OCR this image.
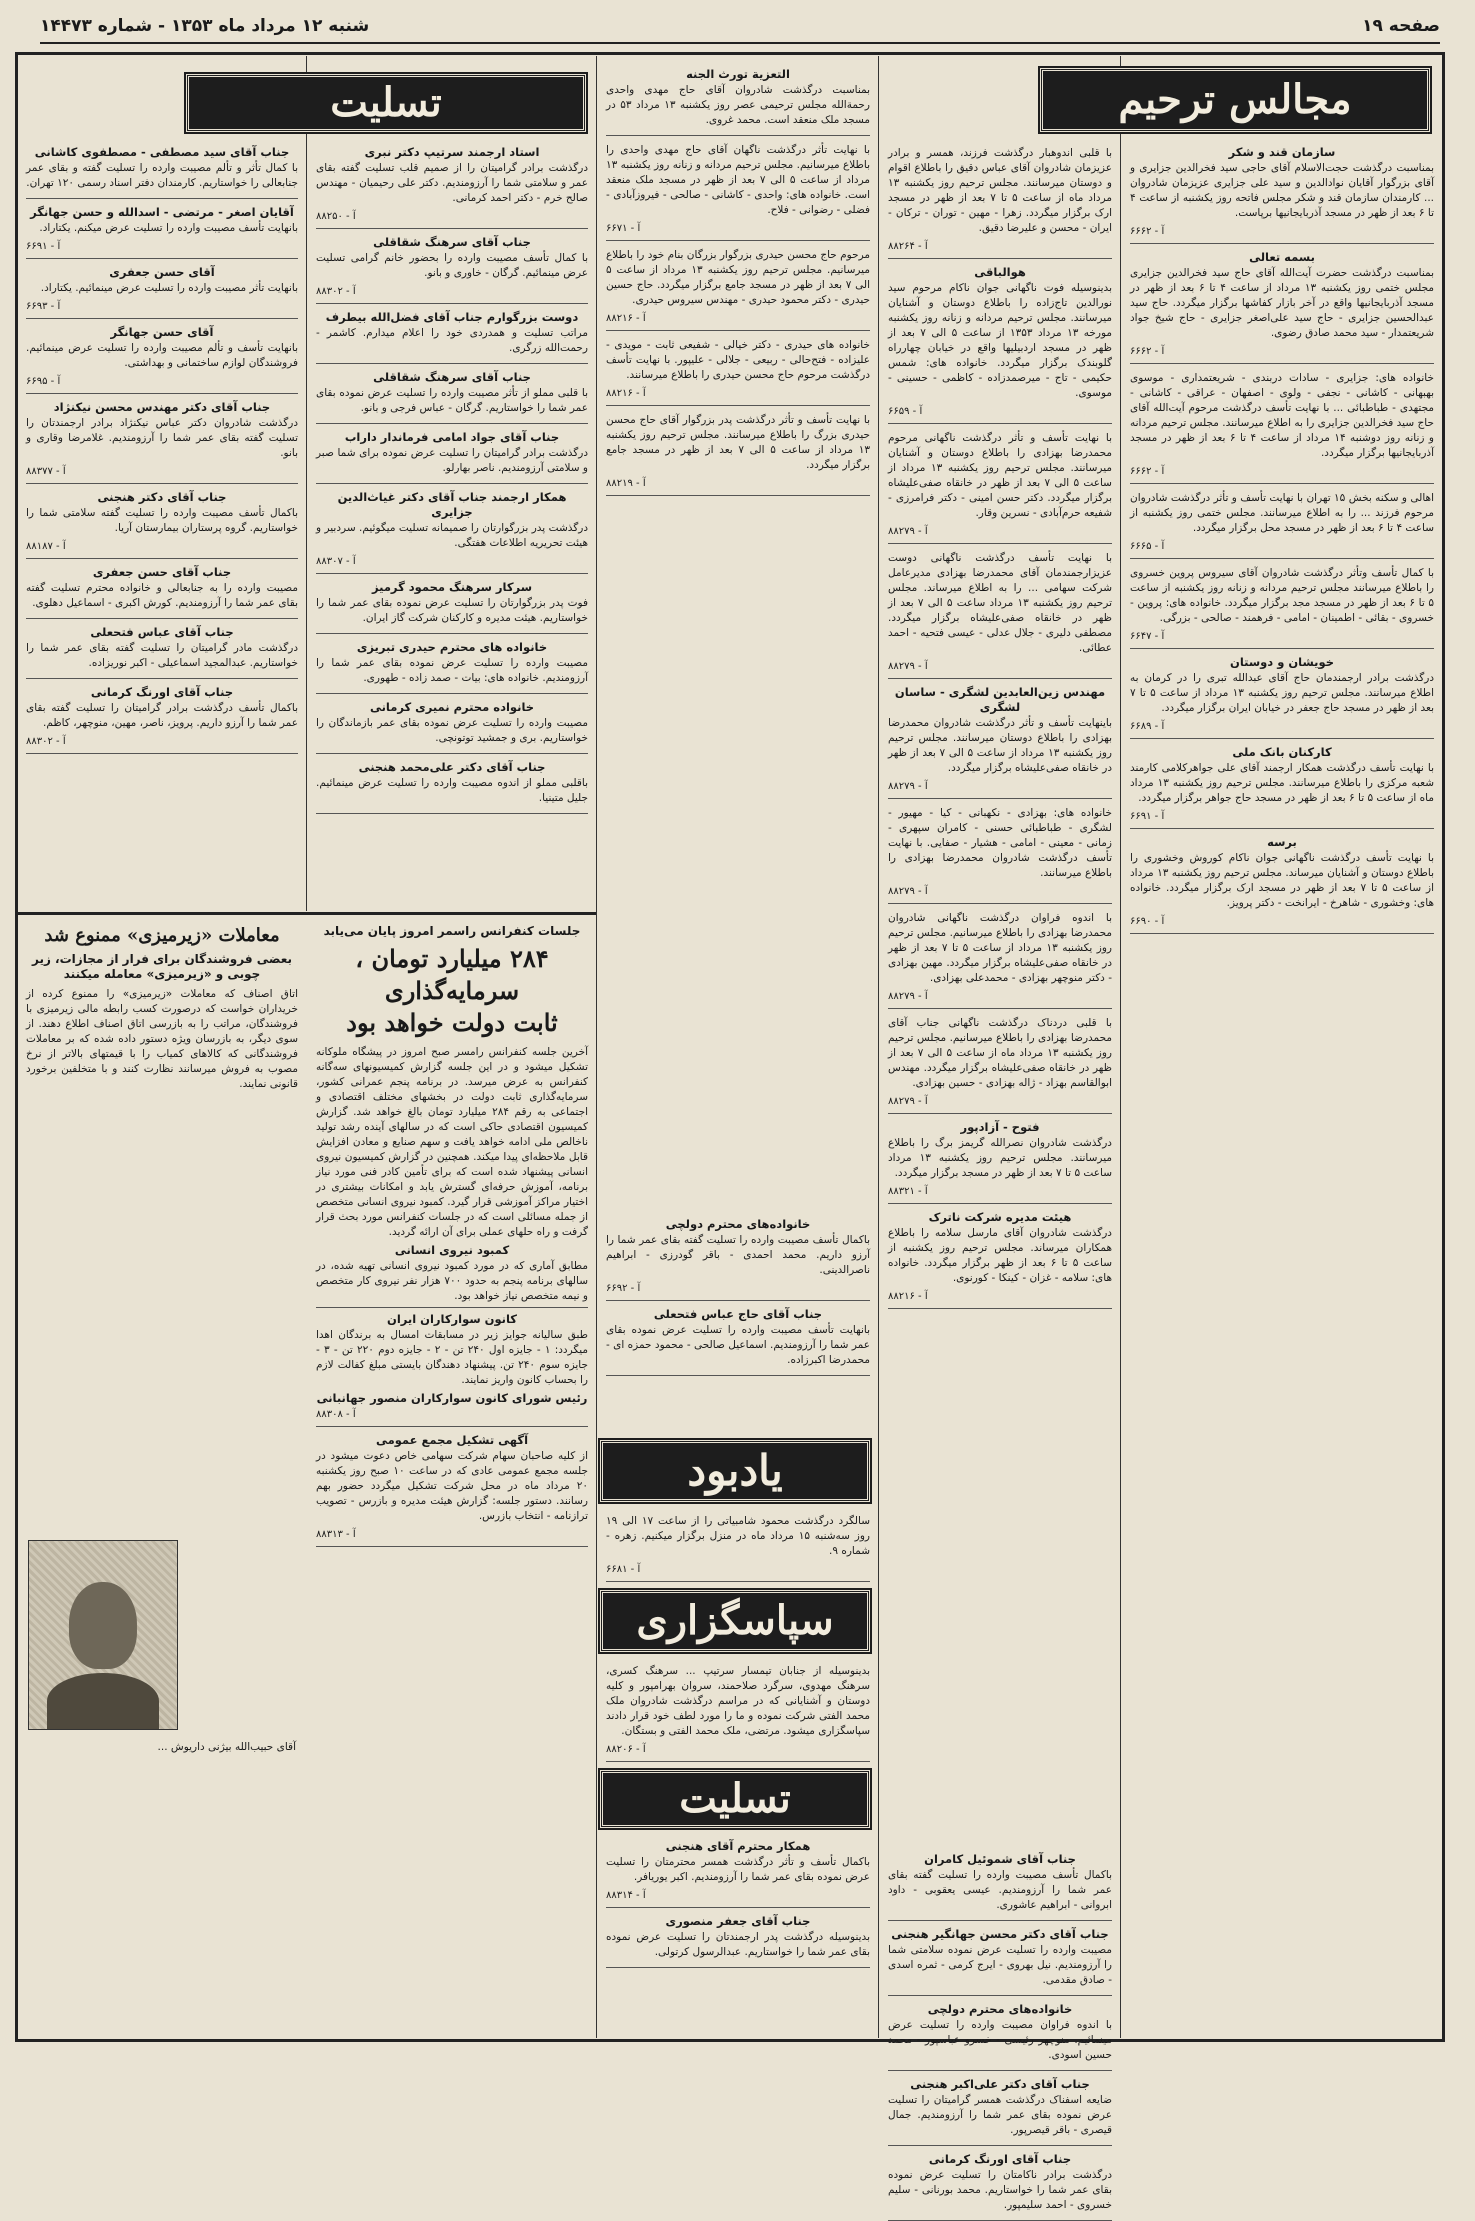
صفحه ۱۹
شنبه ۱۲ مرداد ماه ۱۳۵۳ - شماره ۱۴۴۷۳
مجالس ترحیم
تسلیت
یادبود
سپاسگزاری
تسلیت
سازمان قند و شکر

بمناسبت درگذشت حجت‌الاسلام آقای حاجی سید فخرالدین جزایری و آقای بزرگوار آقایان نوادالدین و سید علی جزایری عزیزمان شادروان ... کارمندان سازمان قند و شکر مجلس فاتحه روز یکشنبه از ساعت ۴ تا ۶ بعد از ظهر در مسجد آذربایجانیها برپاست.

آ - ۶۶۶۲
بسمه تعالی

بمناسبت درگذشت حضرت آیت‌الله آقای حاج سید فخرالدین جزایری مجلس ختمی روز یکشنبه ۱۳ مرداد از ساعت ۴ تا ۶ بعد از ظهر در مسجد آذربایجانیها واقع در آخر بازار کفاشها برگزار میگردد. حاج سید عبدالحسین جزایری - حاج سید علی‌اصغر جزایری - حاج شیخ جواد شریعتمدار - سید محمد صادق رضوی.

آ - ۶۶۶۲

خانواده های: جزایری - سادات دربندی - شریعتمداری - موسوی بهبهانی - کاشانی - نجفی - ولوی - اصفهان - عراقی - کاشانی - مجتهدی - طباطبائی ... با نهایت تأسف درگذشت مرحوم آیت‌الله آقای حاج سید فخرالدین جزایری را به اطلاع میرسانند. مجلس ترحیم مردانه و زنانه روز دوشنبه ۱۴ مرداد از ساعت ۴ تا ۶ بعد از ظهر در مسجد آذربایجانیها برگزار میگردد.

آ - ۶۶۶۲

اهالی و سکنه بخش ۱۵ تهران با نهایت تأسف و تأثر درگذشت شادروان مرحوم فرزند ... را به اطلاع میرسانند. مجلس ختمی روز یکشنبه از ساعت ۴ تا ۶ بعد از ظهر در مسجد محل برگزار میگردد.

آ - ۶۶۶۵

با کمال تأسف وتأثر درگذشت شادروان آقای سیروس پروین خسروی را باطلاع میرسانند مجلس ترحیم مردانه و زنانه روز یکشنبه از ساعت ۵ تا ۶ بعد از ظهر در مسجد مجد برگزار میگردد. خانواده های: پروین - خسروی - بقائی - اطمینان - امامی - فرهمند - صالحی - بزرگی.

آ - ۶۶۴۷
خویشان و دوستان

درگذشت برادر ارجمندمان حاج آقای عبدالله تبری را در کرمان به اطلاع میرسانند. مجلس ترحیم روز یکشنبه ۱۳ مرداد از ساعت ۵ تا ۷ بعد از ظهر در مسجد حاج جعفر در خیابان ایران برگزار میگردد.

آ - ۶۶۸۹
کارکنان بانک ملی

با نهایت تأسف درگذشت همکار ارجمند آقای علی جواهرکلامی کارمند شعبه مرکزی را باطلاع میرسانند. مجلس ترحیم روز یکشنبه ۱۳ مرداد ماه از ساعت ۵ تا ۶ بعد از ظهر در مسجد حاج جواهر برگزار میگردد.

آ - ۶۶۹۱
برسه

با نهایت تأسف درگذشت ناگهانی جوان ناکام کوروش وخشوری را باطلاع دوستان و آشنایان میرساند. مجلس ترحیم روز یکشنبه ۱۳ مرداد از ساعت ۵ تا ۷ بعد از ظهر در مسجد ارک برگزار میگردد. خانواده های: وخشوری - شاهرخ - ایرانخت - دکتر پرویز.

آ - ۶۶۹۰

با قلبی اندوهبار درگذشت فرزند، همسر و برادر عزیزمان شادروان آقای عباس دقیق را باطلاع اقوام و دوستان میرسانند. مجلس ترحیم روز یکشنبه ۱۳ مرداد ماه از ساعت ۵ تا ۷ بعد از ظهر در مسجد ارک برگزار میگردد. زهرا - مهین - توران - ترکان - ایران - محسن و علیرضا دقیق.

آ - ۸۸۲۶۴
هوالباقی

بدینوسیله فوت ناگهانی جوان ناکام مرحوم سید نورالدین تاج‌زاده را باطلاع دوستان و آشنایان میرسانند. مجلس ترحیم مردانه و زنانه روز یکشنبه مورخه ۱۳ مرداد ۱۳۵۳ از ساعت ۵ الی ۷ بعد از ظهر در مسجد اردبیلیها واقع در خیابان چهارراه گلوبندک برگزار میگردد. خانواده های: شمس حکیمی - تاج - میرصمدزاده - کاظمی - حسینی - موسوی.

آ - ۶۶۵۹

با نهایت تأسف و تأثر درگذشت ناگهانی مرحوم محمدرضا بهزادی را باطلاع دوستان و آشنایان میرسانند. مجلس ترحیم روز یکشنبه ۱۳ مرداد از ساعت ۵ الی ۷ بعد از ظهر در خانقاه صفی‌علیشاه برگزار میگردد. دکتر حسن امینی - دکتر فرامرزی - شفیعه حرم‌آبادی - نسرین وقار.

آ - ۸۸۲۷۹

با نهایت تأسف درگذشت ناگهانی دوست عزیزارجمندمان آقای محمدرضا بهزادی مدیرعامل شرکت سهامی ... را به اطلاع میرساند. مجلس ترحیم روز یکشنبه ۱۳ مرداد ساعت ۵ الی ۷ بعد از ظهر در خانقاه صفی‌علیشاه برگزار میگردد. مصطفی دلیری - جلال عدلی - عیسی فتحیه - احمد عطائی.

آ - ۸۸۲۷۹
مهندس زین‌العابدین لشگری - ساسان لشگری

باینهایت تأسف و تأثر درگذشت شادروان محمدرضا بهزادی را باطلاع دوستان میرسانند. مجلس ترحیم روز یکشنبه ۱۳ مرداد از ساعت ۵ الی ۷ بعد از ظهر در خانقاه صفی‌علیشاه برگزار میگردد.

آ - ۸۸۲۷۹

خانواده های: بهزادی - نکهبانی - کیا - مهیور - لشگری - طباطبائی حسنی - کامران سپهری - زمانی - معینی - امامی - هشیار - صفایی. با نهایت تأسف درگذشت شادروان محمدرضا بهزادی را باطلاع میرسانند.

آ - ۸۸۲۷۹

با اندوه فراوان درگذشت ناگهانی شادروان محمدرضا بهزادی را باطلاع میرسانیم. مجلس ترحیم روز یکشنبه ۱۳ مرداد از ساعت ۵ تا ۷ بعد از ظهر در خانقاه صفی‌علیشاه برگزار میگردد. مهین بهزادی - دکتر منوچهر بهزادی - محمدعلی بهزادی.

آ - ۸۸۲۷۹

با قلبی دردناک درگذشت ناگهانی جناب آقای محمدرضا بهزادی را باطلاع میرسانیم. مجلس ترحیم روز یکشنبه ۱۳ مرداد ماه از ساعت ۵ الی ۷ بعد از ظهر در خانقاه صفی‌علیشاه برگزار میگردد. مهندس ابوالقاسم بهزاد - ژاله بهزادی - حسین بهزادی.

آ - ۸۸۲۷۹
فتوح - آزادپور

درگذشت شادروان نصرالله گریمز برگ را باطلاع میرسانند. مجلس ترحیم روز یکشنبه ۱۳ مرداد ساعت ۵ تا ۷ بعد از ظهر در مسجد برگزار میگردد.

آ - ۸۸۳۲۱
هیئت مدیره شرکت ناترک

درگذشت شادروان آقای مارسل سلامه را باطلاع همکاران میرساند. مجلس ترحیم روز یکشنبه از ساعت ۵ تا ۶ بعد از ظهر برگزار میگردد. خانواده های: سلامه - غزان - کینکا - کورنوی.

آ - ۸۸۲۱۶
التعزیة تورث الجنه

بمناسبت درگذشت شادروان آقای حاج مهدی واحدی رحمة‌الله مجلس ترحیمی عصر روز یکشنبه ۱۳ مرداد ۵۳ در مسجد ملک منعقد است. محمد غروی.

با نهایت تأثر درگذشت ناگهان آقای حاج مهدی واحدی را باطلاع میرسانیم. مجلس ترحیم مردانه و زنانه روز یکشنبه ۱۳ مرداد از ساعت ۵ الی ۷ بعد از ظهر در مسجد ملک منعقد است. خانواده های: واحدی - کاشانی - صالحی - فیروزآبادی - فضلی - رضوانی - فلاح.

آ - ۶۶۷۱

مرحوم حاج محسن حیدری بزرگوار بزرگان بنام خود را باطلاع میرسانیم. مجلس ترحیم روز یکشنبه ۱۳ مرداد از ساعت ۵ الی ۷ بعد از ظهر در مسجد جامع برگزار میگردد. حاج حسین حیدری - دکتر محمود حیدری - مهندس سیروس حیدری.

آ - ۸۸۲۱۶

خانواده های حیدری - دکتر خیالی - شفیعی ثابت - مویدی - علیزاده - فتح‌حالی - ربیعی - جلالی - علیپور. با نهایت تأسف درگذشت مرحوم حاج محسن حیدری را باطلاع میرسانند.

آ - ۸۸۲۱۶

با نهایت تأسف و تأثر درگذشت پدر بزرگوار آقای حاج محسن حیدری بزرگ را باطلاع میرسانند. مجلس ترحیم روز یکشنبه ۱۳ مرداد از ساعت ۵ الی ۷ بعد از ظهر در مسجد جامع برگزار میگردد.

آ - ۸۸۲۱۹
استاد ارجمند سرتیپ دکتر نبری

درگذشت برادر گرامیتان را از صمیم قلب تسلیت گفته بقای عمر و سلامتی شما را آرزومندیم. دکتر علی رحیمیان - مهندس صالح خرم - دکتر احمد کرمانی.

آ - ۸۸۲۵۰
جناب آقای سرهنگ شقاقلی

با کمال تأسف مصیبت وارده را بحضور خانم گرامی تسلیت عرض مینمائیم. گرگان - خاوری و بانو.

آ - ۸۸۳۰۲
دوست بزرگوارم جناب آقای فضل‌الله بیطرف

مراتب تسلیت و همدردی خود را اعلام میدارم. کاشمر - رحمت‌الله زرگری.

جناب آقای سرهنگ شقاقلی

با قلبی مملو از تأثر مصیبت وارده را تسلیت عرض نموده بقای عمر شما را خواستاریم. گرگان - عباس فرجی و بانو.

جناب آقای جواد امامی فرماندار داراب

درگذشت برادر گرامیتان را تسلیت عرض نموده برای شما صبر و سلامتی آرزومندیم. ناصر بهارلو.

همکار ارجمند جناب آقای دکتر غیاث‌الدین جزایری

درگذشت پدر بزرگوارتان را صمیمانه تسلیت میگوئیم. سردبیر و هیئت تحریریه اطلاعات هفتگی.

آ - ۸۸۳۰۷
سرکار سرهنگ محمود گرمیز

فوت پدر بزرگوارتان را تسلیت عرض نموده بقای عمر شما را خواستاریم. هیئت مدیره و کارکنان شرکت گاز ایران.

خانواده های محترم حیدری تبریزی

مصیبت وارده را تسلیت عرض نموده بقای عمر شما را آرزومندیم. خانواده های: بیات - صمد زاده - طهوری.

خانواده محترم نمیری کرمانی

مصیبت وارده را تسلیت عرض نموده بقای عمر بازماندگان را خواستاریم. بری و جمشید توتونچی.

جناب آقای دکتر علی‌محمد هنجنی

باقلبی مملو از اندوه مصیبت وارده را تسلیت عرض مینمائیم. جلیل متینیا.

جناب آقای سید مصطفی - مصطفوی کاشانی

با کمال تأثر و تألم مصیبت وارده را تسلیت گفته و بقای عمر جنابعالی را خواستاریم. کارمندان دفتر اسناد رسمی ۱۲۰ تهران.

آقایان اصغر - مرتضی - اسدالله و حسن جهانگر

بانهایت تأسف مصیبت وارده را تسلیت عرض میکنم. یکتاراد.

آ - ۶۶۹۱
آقای حسن جعفری

بانهایت تأثر مصیبت وارده را تسلیت عرض مینمائیم. یکتاراد.

آ - ۶۶۹۳
آقای حسن جهانگر

بانهایت تأسف و تألم مصیبت وارده را تسلیت عرض مینمائیم. فروشندگان لوازم ساختمانی و بهداشتی.

آ - ۶۶۹۵
جناب آقای دکتر مهندس محسن نیکنژاد

درگذشت شادروان دکتر عباس نیکنژاد برادر ارجمندتان را تسلیت گفته بقای عمر شما را آرزومندیم. غلامرضا وقاری و بانو.

آ - ۸۸۳۷۷
جناب آقای دکتر هنجنی

باکمال تأسف مصیبت وارده را تسلیت گفته سلامتی شما را خواستاریم. گروه پرستاران بیمارستان آریا.

آ - ۸۸۱۸۷
جناب آقای حسن جعفری

مصیبت وارده را به جنابعالی و خانواده محترم تسلیت گفته بقای عمر شما را آرزومندیم. کورش اکبری - اسماعیل دهلوی.

جناب آقای عباس فتحعلی

درگذشت مادر گرامیتان را تسلیت گفته بقای عمر شما را خواستاریم. عبدالمجید اسماعیلی - اکبر نوریزاده.

جناب آقای اورنگ کرمانی

باکمال تأسف درگذشت برادر گرامیتان را تسلیت گفته بقای عمر شما را آرزو داریم. پرویز، ناصر، مهین، منوچهر، کاظم.

آ - ۸۸۳۰۲

سالگرد درگذشت محمود شامبیاتی را از ساعت ۱۷ الی ۱۹ روز سه‌شنبه ۱۵ مرداد ماه در منزل برگزار میکنیم. زهره - شماره ۹.

آ - ۶۶۸۱

بدینوسیله از جنابان تیمسار سرتیپ ... سرهنگ کسری، سرهنگ مهدوی، سرگرد صلاحمند، سروان بهرامپور و کلیه دوستان و آشنایانی که در مراسم درگذشت شادروان ملک محمد الفتی شرکت نموده و ما را مورد لطف خود قرار دادند سپاسگزاری میشود. مرتضی، ملک محمد الفتی و بستگان.

آ - ۸۸۲۰۶
همکار محترم آقای هنجنی

باکمال تأسف و تأثر درگذشت همسر محترمتان را تسلیت عرض نموده بقای عمر شما را آرزومندیم. اکبر یوریافر.

آ - ۸۸۳۱۴
جناب آقای جعفر منصوری

بدینوسیله درگذشت پدر ارجمندتان را تسلیت عرض نموده بقای عمر شما را خواستاریم. عبدالرسول کرتولی.

جلسات کنفرانس راسمر امروز پایان می‌یابد
۲۸۴ میلیارد تومان ، سرمایه‌گذاری
ثابت دولت خواهد بود

آخرین جلسه کنفرانس رامسر صبح امروز در پیشگاه ملوکانه تشکیل میشود و در این جلسه گزارش کمیسیونهای سه‌گانه کنفرانس به عرض میرسد. در برنامه پنجم عمرانی کشور، سرمایه‌گذاری ثابت دولت در بخشهای مختلف اقتصادی و اجتماعی به رقم ۲۸۴ میلیارد تومان بالغ خواهد شد. گزارش کمیسیون اقتصادی حاکی است که در سالهای آینده رشد تولید ناخالص ملی ادامه خواهد یافت و سهم صنایع و معادن افزایش قابل ملاحظه‌ای پیدا میکند. همچنین در گزارش کمیسیون نیروی انسانی پیشنهاد شده است که برای تأمین کادر فنی مورد نیاز برنامه، آموزش حرفه‌ای گسترش یابد و امکانات بیشتری در اختیار مراکز آموزشی قرار گیرد. کمبود نیروی انسانی متخصص از جمله مسائلی است که در جلسات کنفرانس مورد بحث قرار گرفت و راه حلهای عملی برای آن ارائه گردید.

کمبود نیروی انسانی

مطابق آماری که در مورد کمبود نیروی انسانی تهیه شده، در سالهای برنامه پنجم به حدود ۷۰۰ هزار نفر نیروی کار متخصص و نیمه متخصص نیاز خواهد بود.

کانون سوارکاران ایران

طبق سالیانه جوایز زیر در مسابقات امسال به برندگان اهدا میگردد: ۱ - جایزه اول ۲۴۰ تن - ۲ - جایزه دوم ۲۲۰ تن - ۳ - جایزه سوم ۲۴۰ تن. پیشنهاد دهندگان بایستی مبلغ کفالت لازم را بحساب کانون واریز نمایند.

رئیس شورای کانون سوارکاران منصور جهانبانی
آ - ۸۸۳۰۸
آگهی تشکیل مجمع عمومی

از کلیه صاحبان سهام شرکت سهامی خاص دعوت میشود در جلسه مجمع عمومی عادی که در ساعت ۱۰ صبح روز یکشنبه ۲۰ مرداد ماه در محل شرکت تشکیل میگردد حضور بهم رسانند. دستور جلسه: گزارش هیئت مدیره و بازرس - تصویب ترازنامه - انتخاب بازرس.

آ - ۸۸۳۱۳
معاملات «زیرمیزی» ممنوع شد
بعضی فروشندگان برای فرار از مجازات، زیر چوبی و «زیرمیزی» معامله میکنند

اتاق اصناف که معاملات «زیرمیزی» را ممنوع کرده از خریداران خواست که درصورت کسب رابطه مالی زیرمیزی با فروشندگان، مراتب را به بازرسی اتاق اصناف اطلاع دهند. از سوی دیگر، به بازرسان ویژه دستور داده شده که بر معاملات فروشندگانی که کالاهای کمیاب را با قیمتهای بالاتر از نرخ مصوب به فروش میرسانند نظارت کنند و با متخلفین برخورد قانونی نمایند.

آقای حبیب‌الله بیژنی داریوش ...

خانواده‌های محترم دولچی

باکمال تأسف مصیبت وارده را تسلیت گفته بقای عمر شما را آرزو داریم. محمد احمدی - باقر گودرزی - ابراهیم ناصرالدینی.

آ - ۶۶۹۲
جناب آقای حاج عباس فتحعلی

بانهایت تأسف مصیبت وارده را تسلیت عرض نموده بقای عمر شما را آرزومندیم. اسماعیل صالحی - محمود حمزه ای - محمدرضا اکبرزاده.

جناب آقای شموئیل کامران

باکمال تأسف مصیبت وارده را تسلیت گفته بقای عمر شما را آرزومندیم. عیسی یعقوبی - داود ابروانی - ابراهیم عاشوری.

جناب آقای دکتر محسن جهانگیر هنجنی

مصیبت وارده را تسلیت عرض نموده سلامتی شما را آرزومندیم. نیل بهروی - ایرج کرمی - ثمره اسدی - صادق مقدمی.

خانواده‌های محترم دولچی

با اندوه فراوان مصیبت وارده را تسلیت عرض مینمائیم. منوچهر رئیسی - خسرو عباسپور - محمد حسین اسودی.

جناب آقای دکتر علی‌اکبر هنجنی

ضایعه اسفناک درگذشت همسر گرامیتان را تسلیت عرض نموده بقای عمر شما را آرزومندیم. جمال قیصری - باقر قیصرپور.

جناب آقای اورنگ کرمانی

درگذشت برادر ناکامتان را تسلیت عرض نموده بقای عمر شما را خواستاریم. محمد بورنانی - سلیم خسروی - احمد سلیمپور.
